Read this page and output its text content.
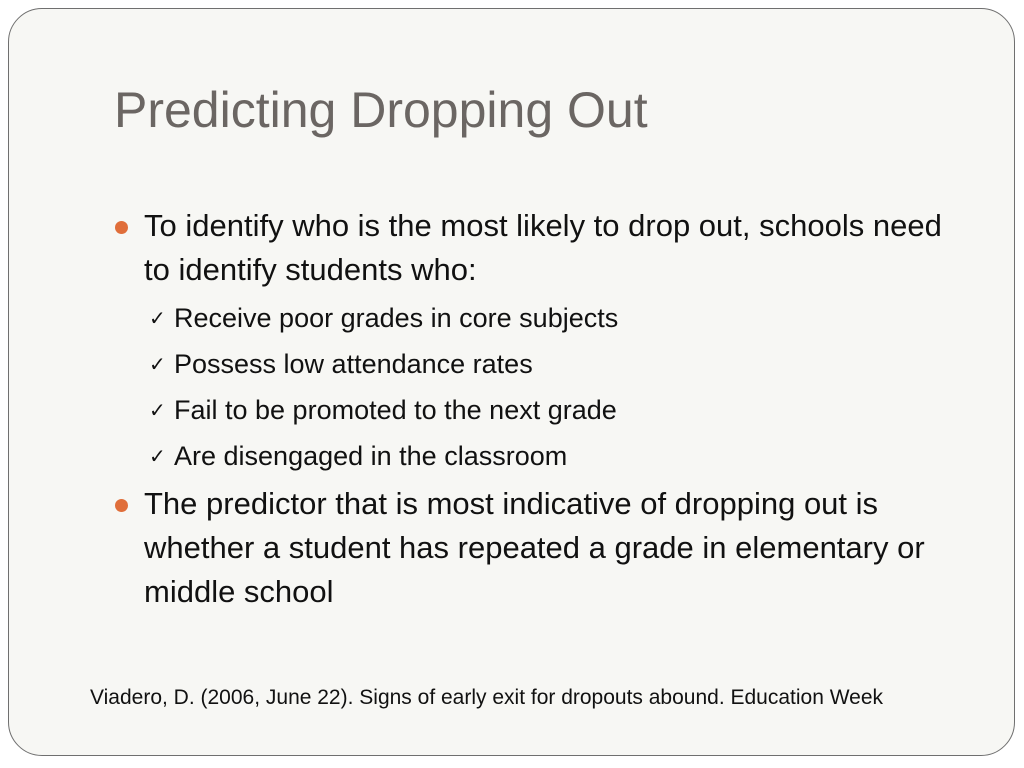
Predicting Dropping Out
To identify who is the most likely to drop out, schools need to identify students who:
✓ Receive poor grades in core subjects
✓ Possess low attendance rates
✓ Fail to be promoted to the next grade
✓ Are disengaged in the classroom
The predictor that is most indicative of dropping out is whether a student has repeated a grade in elementary or middle school
Viadero, D. (2006, June 22). Signs of early exit for dropouts abound. Education Week
